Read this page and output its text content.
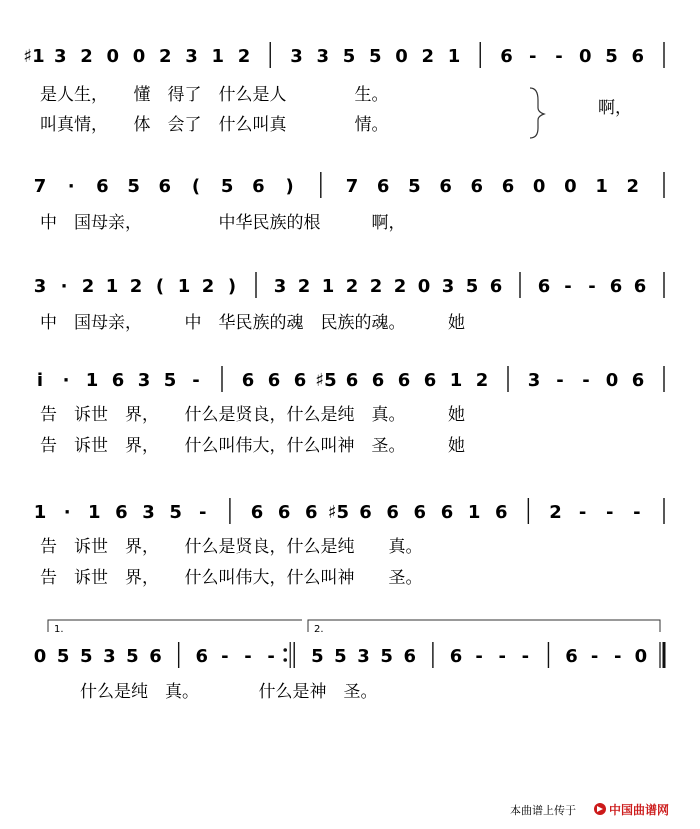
♯1 3 2 0 0 2 3 1 2 3 3 5 5 0 2 1 6 - - 0 5 6
是人生，　　懂　得了　什么是人　　　　生。
叫真情，　　体　会了　什么叫真　　　　情。
啊，
7 · 6 5 6 ( 5 6 )	7 6 5 6 6 6 0 0 1 2
中　国母亲，　　　　　中华民族的根　　　啊，
3 · 2 1 2 ( 1 2 ) 3 2 1 2 2 2 0 3 5 6 6 - - 6 6
中　国母亲，　　　中　华民族的魂　民族的魂。　　　她
i · 1 6 3 5 - 6 6 6 ♯5 6 6 6 6 1 2 3 - - 0 6
告　诉世　界，　　什么是贤良，什么是纯　真。　　　她
告　诉世　界，　　什么叫伟大，什么叫神　圣。　　　她
1 · 1 6 3 5 - 6 6 6 ♯5 6 6 6 6 1 6 2 - - -
告　诉世　界，　　什么是贤良，什么是纯　　真。
告　诉世　界，　　什么叫伟大，什么叫神　　圣。
1.	2.
0 5 5 3 5 6 6 - - - 5 5 3 5 6 6 - - - 6 - - 0
什么是纯　真。　　　　什么是神　圣。
本曲谱上传于	中国曲谱网
